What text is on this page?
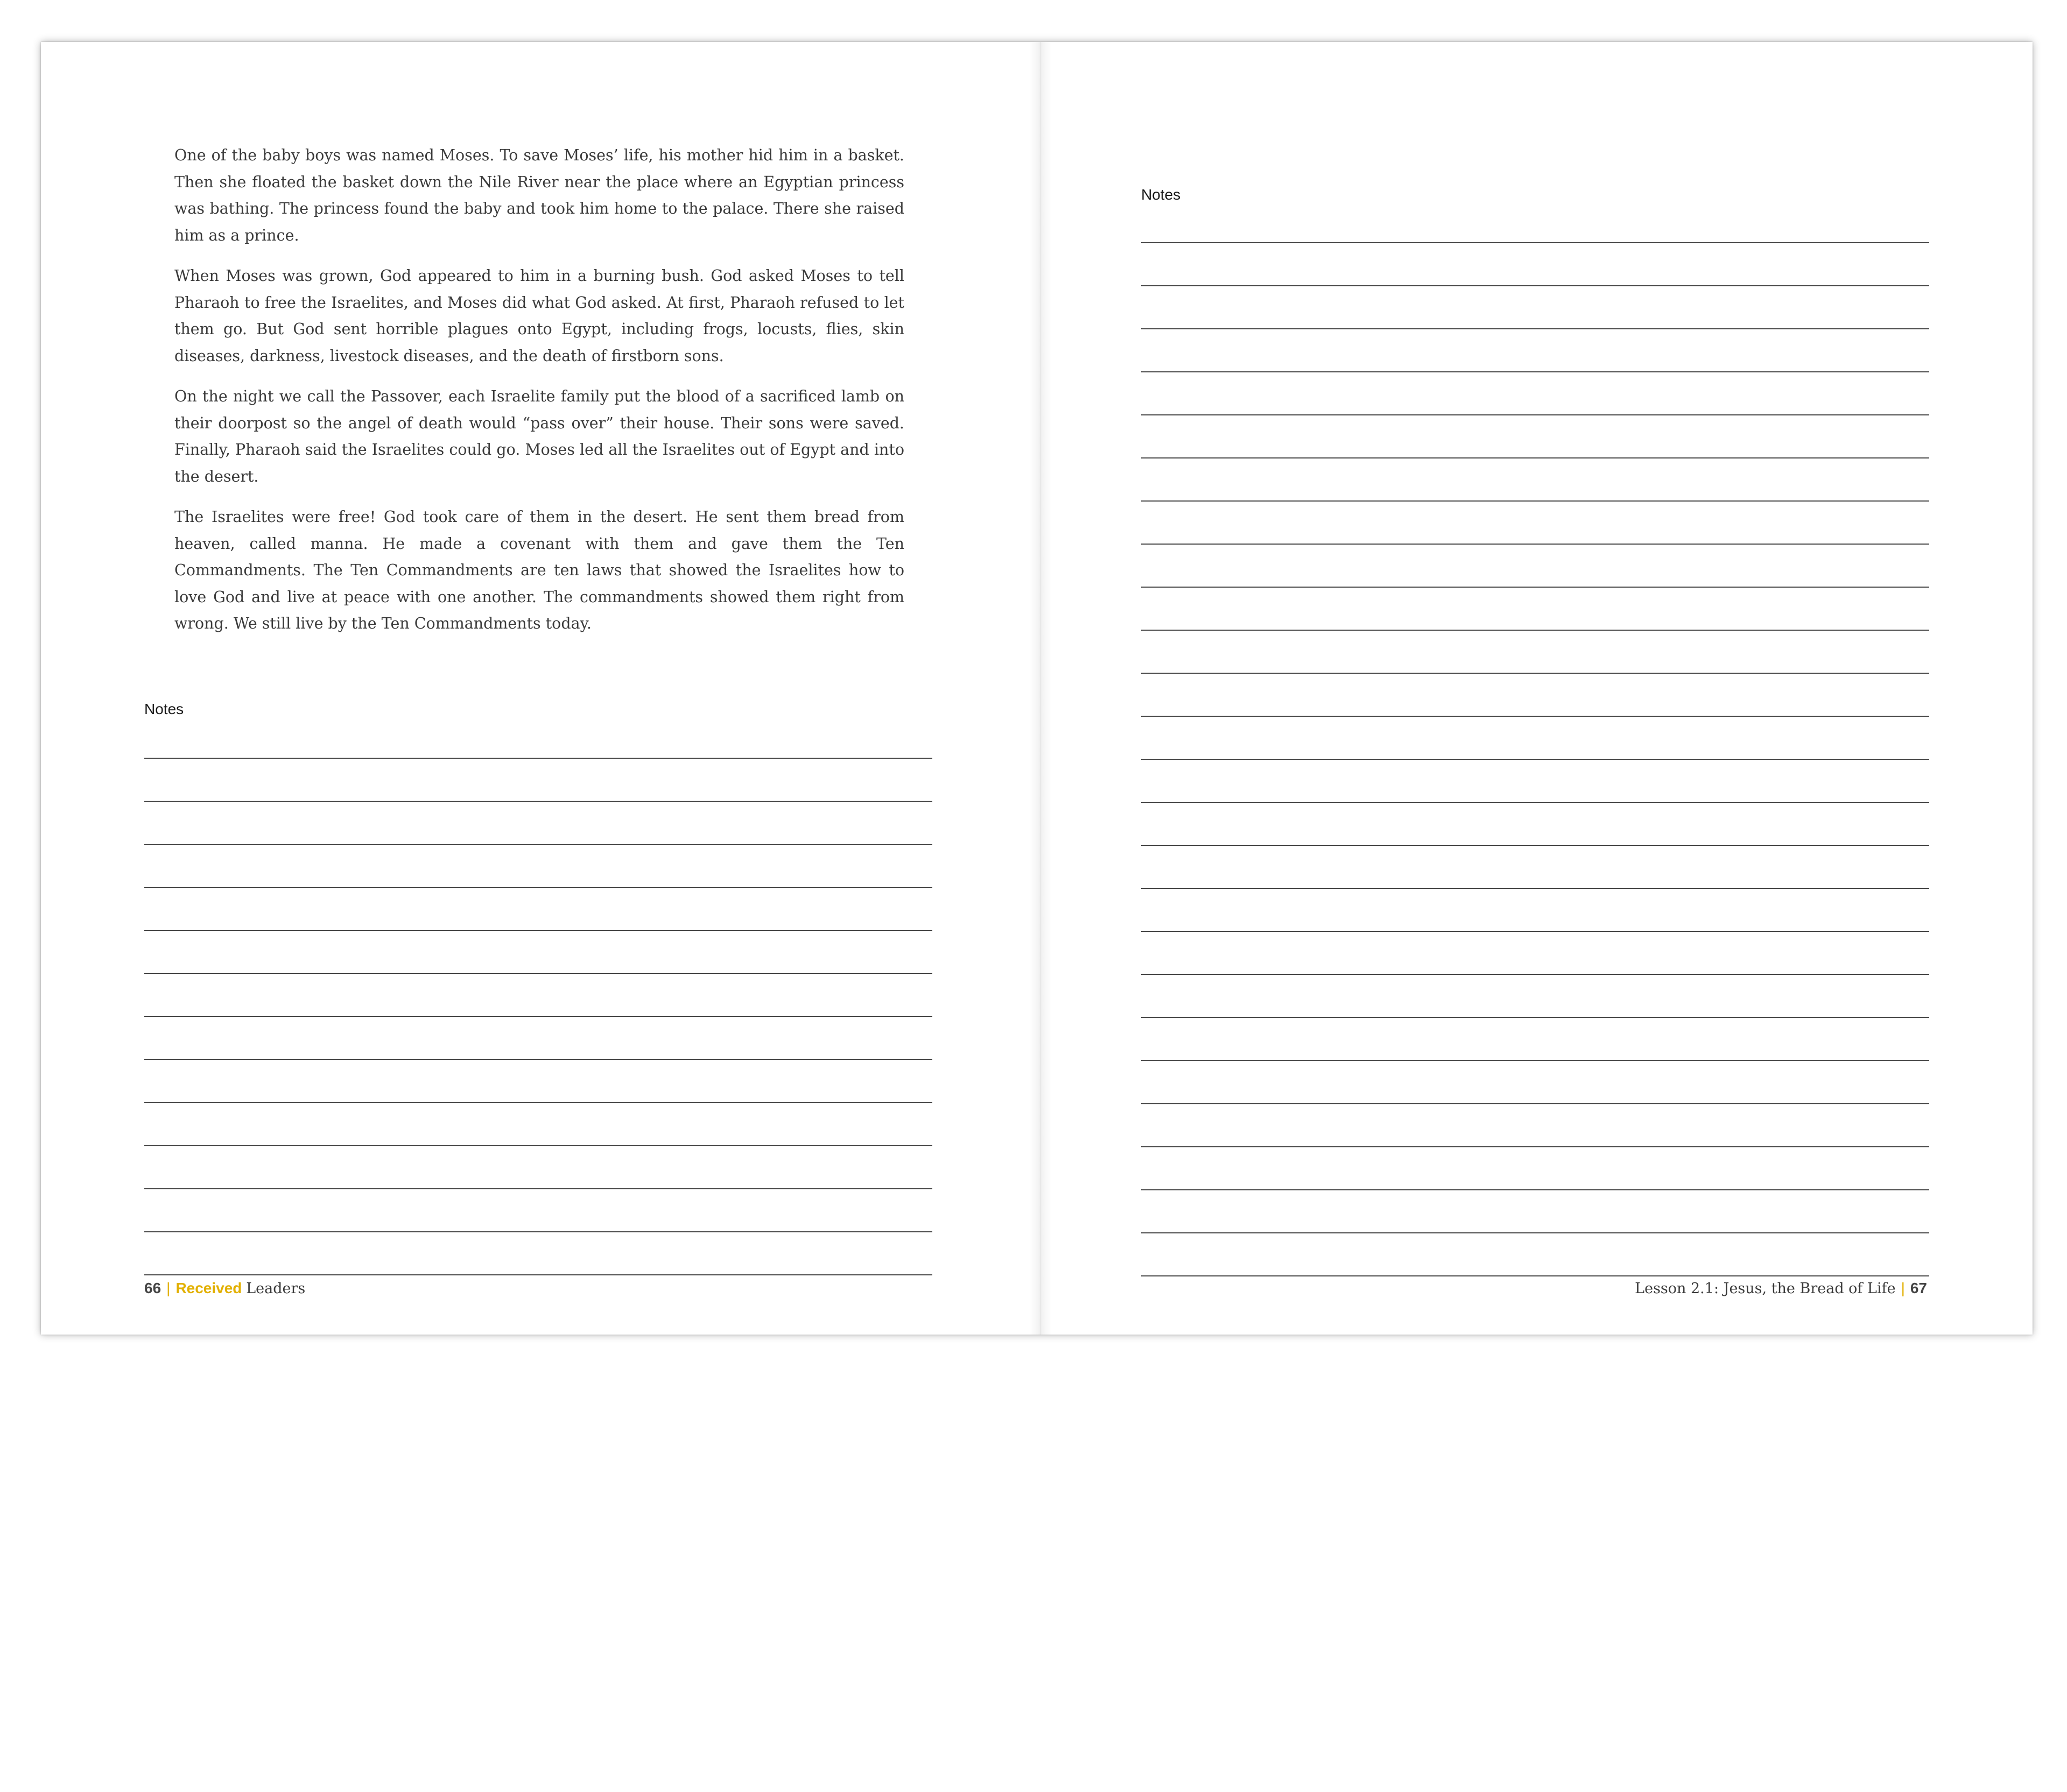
One of the baby boys was named Moses. To save Moses’ life, his mother hid him in a basket. Then she floated the basket down the Nile River near the place where an Egyptian princess was bathing. The princess found the baby and took him home to the palace. There she raised him as a prince.

When Moses was grown, God appeared to him in a burning bush. God asked Moses to tell Pharaoh to free the Israelites, and Moses did what God asked. At first, Pharaoh refused to let them go. But God sent horrible plagues onto Egypt, including frogs, locusts, flies, skin diseases, darkness, livestock diseases, and the death of firstborn sons.

On the night we call the Passover, each Israelite family put the blood of a sacrificed lamb on their doorpost so the angel of death would “pass over” their house. Their sons were saved. Finally, Pharaoh said the Israelites could go. Moses led all the Israelites out of Egypt and into the desert.

The Israelites were free! God took care of them in the desert. He sent them bread from heaven, called manna. He made a covenant with them and gave them the Ten Commandments. The Ten Commandments are ten laws that showed the Israelites how to love God and live at peace with one another. The commandments showed them right from wrong. We still live by the Ten Commandments today.

Notes
66 | Received Leaders
Notes
Lesson 2.1: Jesus, the Bread of Life | 67
